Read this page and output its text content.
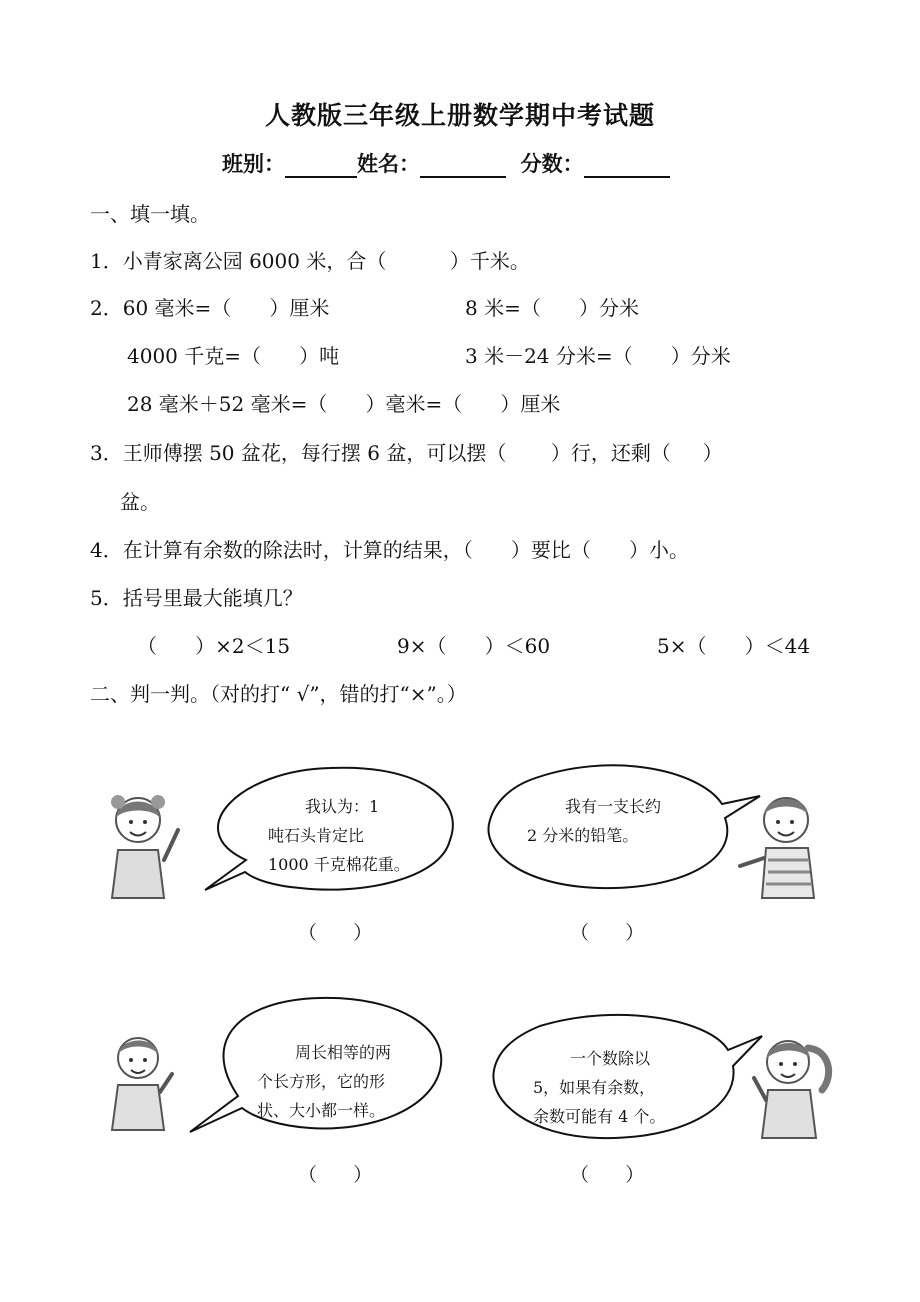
人教版三年级上册数学期中考试题
班别：	姓名：	分数：
一、填一填。
1．小青家离公园 6000 米，合（          ）千米。
2．60 毫米=（      ）厘米	8 米=（      ）分米
4000 千克=（      ）吨	3 米－24 分米=（      ）分米
28 毫米＋52 毫米=（      ）毫米=（      ）厘米
3．王师傅摆 50 盆花，每行摆 6 盆，可以摆（       ）行，还剩（     ）
盆。
4．在计算有余数的除法时，计算的结果，（      ）要比（      ）小。
5．括号里最大能填几？
（      ）×2＜15	9×（      ）＜60	5×（      ）＜44
二、判一判。（对的打“ √”，错的打“×”。）
我认为：1
吨石头肯定比
1000 千克棉花重。
我有一支长约
2 分米的铅笔。
周长相等的两
个长方形，它的形
状、大小都一样。
一个数除以
5，如果有余数，
余数可能有 4 个。
（      ）	（      ）
（      ）	（      ）
